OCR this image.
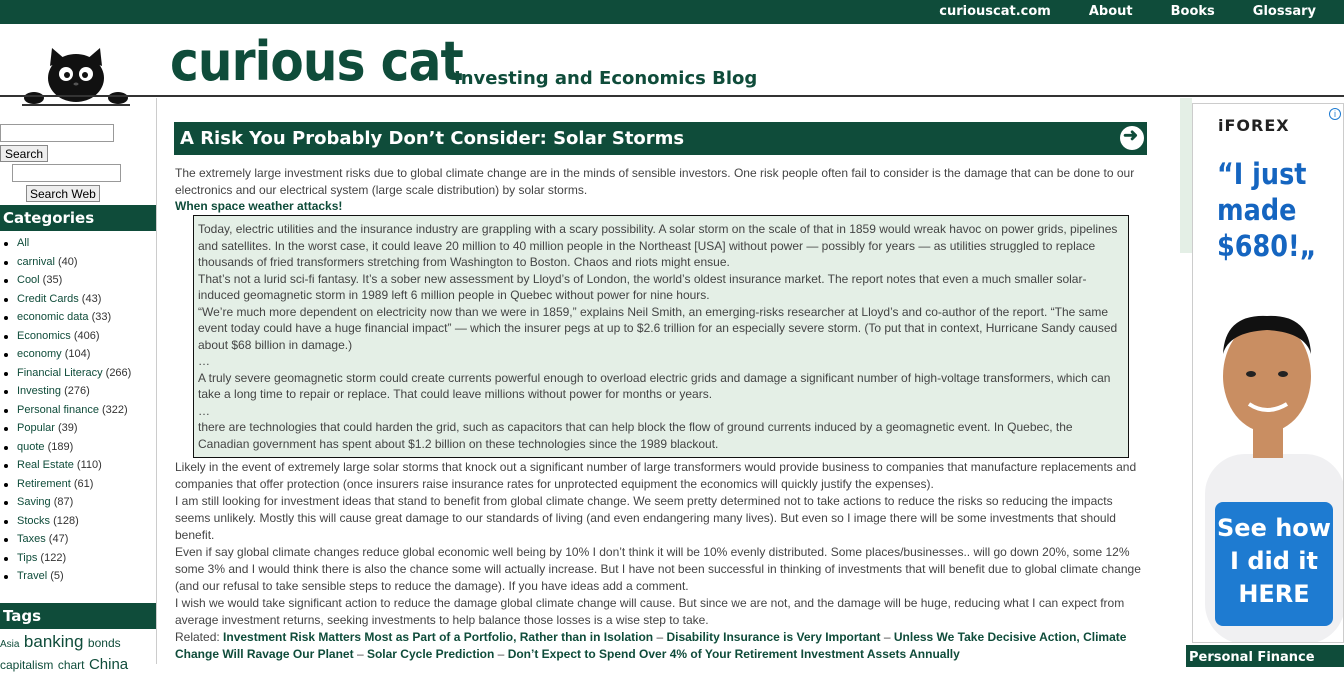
curiouscat.com	About	Books	Glossary
curious cat
Investing and Economics Blog
Search
Search Web
Categories
All
carnival (40)
Cool (35)
Credit Cards (43)
economic data (33)
Economics (406)
economy (104)
Financial Literacy (266)
Investing (276)
Personal finance (322)
Popular (39)
quote (189)
Real Estate (110)
Retirement (61)
Saving (87)
Stocks (128)
Taxes (47)
Tips (122)
Travel (5)
Tags
Asia banking bonds
capitalism chart China
A Risk You Probably Don’t Consider: Solar Storms
➜
The extremely large investment risks due to global climate change are in the minds of sensible investors. One risk people often fail to consider is the damage that can be done to our electronics and our electrical system (large scale distribution) by solar storms.
When space weather attacks!

Today, electric utilities and the insurance industry are grappling with a scary possibility. A solar storm on the scale of that in 1859 would wreak havoc on power grids, pipelines and satellites. In the worst case, it could leave 20 million to 40 million people in the Northeast [USA] without power — possibly for years — as utilities struggled to replace thousands of fried transformers stretching from Washington to Boston. Chaos and riots might ensue.

That’s not a lurid sci-fi fantasy. It’s a sober new assessment by Lloyd’s of London, the world’s oldest insurance market. The report notes that even a much smaller solar-induced geomagnetic storm in 1989 left 6 million people in Quebec without power for nine hours.

“We’re much more dependent on electricity now than we were in 1859,” explains Neil Smith, an emerging-risks researcher at Lloyd’s and co-author of the report. “The same event today could have a huge financial impact” — which the insurer pegs at up to $2.6 trillion for an especially severe storm. (To put that in context, Hurricane Sandy caused about $68 billion in damage.)

…

A truly severe geomagnetic storm could create currents powerful enough to overload electric grids and damage a significant number of high-voltage transformers, which can take a long time to repair or replace. That could leave millions without power for months or years.

…

there are technologies that could harden the grid, such as capacitors that can help block the flow of ground currents induced by a geomagnetic event. In Quebec, the Canadian government has spent about $1.2 billion on these technologies since the 1989 blackout.

Likely in the event of extremely large solar storms that knock out a significant number of large transformers would provide business to companies that manufacture replacements and companies that offer protection (once insurers raise insurance rates for unprotected equipment the economics will quickly justify the expenses).

I am still looking for investment ideas that stand to benefit from global climate change. We seem pretty determined not to take actions to reduce the risks so reducing the impacts seems unlikely. Mostly this will cause great damage to our standards of living (and even endangering many lives). But even so I image there will be some investments that should benefit.

Even if say global climate changes reduce global economic well being by 10% I don’t think it will be 10% evenly distributed. Some places/businesses.. will go down 20%, some 12% some 3% and I would think there is also the chance some will actually increase. But I have not been successful in thinking of investments that will benefit due to global climate change (and our refusal to take sensible steps to reduce the damage). If you have ideas add a comment.

I wish we would take significant action to reduce the damage global climate change will cause. But since we are not, and the damage will be huge, reducing what I can expect from average investment returns, seeking investments to help balance those losses is a wise step to take.

Related: Investment Risk Matters Most as Part of a Portfolio, Rather than in Isolation – Disability Insurance is Very Important – Unless We Take Decisive Action, Climate Change Will Ravage Our Planet – Solar Cycle Prediction – Don’t Expect to Spend Over 4% of Your Retirement Investment Assets Annually
i
iFOREX
“I just made $680!„
See how I did it HERE
Personal Finance
